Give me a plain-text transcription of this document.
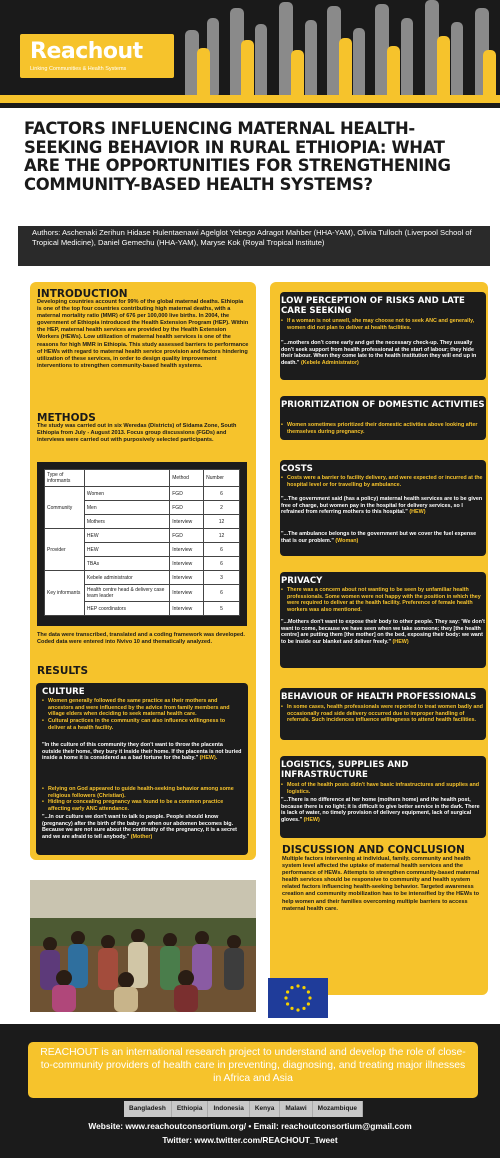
Reachout
Linking Communities & Health Systems
FACTORS INFLUENCING MATERNAL HEALTH-SEEKING BEHAVIOR IN RURAL ETHIOPIA: WHAT ARE THE OPPORTUNITIES FOR STRENGTHENING COMMUNITY-BASED HEALTH SYSTEMS?
Authors: Aschenaki Zerihun Hidase Hulentaenawi Agelglot Yebego Adragot Mahber (HHA-YAM), Olivia Tulloch (Liverpool School of Tropical Medicine), Daniel Gemechu (HHA-YAM), Maryse Kok (Royal Tropical Institute)
INTRODUCTION

Developing countries account for 99% of the global maternal deaths. Ethiopia is one of the top four countries contributing high maternal deaths, with a maternal mortality ratio (MMR) of 676 per 100,000 live births. In 2004, the government of Ethiopia introduced the Health Extension Program (HEP). Within the HEP, maternal health services are provided by the Health Extension Workers (HEWs). Low utilization of maternal health services is one of the reasons for high MMR in Ethiopia. This study assessed barriers to performance of HEWs with regard to maternal health service provision and factors hindering utilization of these services, in order to design quality improvement interventions to strengthen community-based health systems.

METHODS

The study was carried out in six Weredas (Districts) of Sidama Zone, South Ethiopia from July - August 2013. Focus group discussions (FGDs) and interviews were carried out with purposively selected participants.

Type of informants		Method	Number
Community	Women	FGD	6
	Men	FGD	2
	Mothers	Interview	12
Provider	HEW	FGD	12
	HEW	Interview	6
	TBAs	Interview	6
Key informants	Kebele administrator	Interview	3
	Health centre head & delivery case team leader	Interview	6
	HEP coordinators	Interview	5

The data were transcribed, translated and a coding framework was developed. Coded data were entered into Nvivo 10 and thematically analyzed.

RESULTS
CULTURE
• Women generally followed the same practice as their mothers and ancestors and were influenced by the advice from family members and village elders when deciding to seek maternal health care.
• Cultural practices in the community can also influence willingness to deliver at a health facility.

"In the culture of this community they don't want to throw the placenta outside their home, they bury it inside their home. If the placenta is not buried inside a home it is considered as a bad fortune for the baby." (HEW).

• Relying on God appeared to guide health-seeking behavior among some religious followers (Christian).
• Hiding or concealing pregnancy was found to be a common practice affecting early ANC attendance.

"...In our culture we don't want to talk to people. People should know (pregnancy) after the birth of the baby or when our abdomen becomes big. Because we are not sure about the continuity of the pregnancy, it is a secret and we are afraid to tell anybody." (Mother)

LOW PERCEPTION OF RISKS AND LATE CARE SEEKING
• If a woman is not unwell, she may choose not to seek ANC and generally, women did not plan to deliver at health facilities.

"...mothers don't come early and get the necessary check-up. They usually don't seek support from health professional at the start of labour; they hide their labour. When they come late to the health institution they will end up in death." (Kebele Administrator)

PRIORITIZATION OF DOMESTIC ACTIVITIES
• Women sometimes prioritized their domestic activities above looking after themselves during pregnancy.
COSTS
• Costs were a barrier to facility delivery, and were expected or incurred at the hospital level or for travelling by ambulance.

"...The government said (has a policy) maternal health services are to be given free of charge, but women pay in the hospital for delivery services, so I refrained from referring mothers to this hospital." (HEW)

"...The ambulance belongs to the government but we cover the fuel expense that is our problem." (Woman)

PRIVACY
• There was a concern about not wanting to be seen by unfamiliar health professionals. Some women were not happy with the position in which they were required to deliver at the health facility. Preference of female health workers was also mentioned.

"...Mothers don't want to expose their body to other people. They say: 'We don't want to come, because we have seen when we take someone; they [the health centre] are putting them [the mother] on the bed, exposing their body: we want to be inside our blanket and deliver freely." (HEW)

BEHAVIOUR OF HEALTH PROFESSIONALS
• In some cases, health professionals were reported to treat women badly and occasionally road side delivery occurred due to improper handling of referrals. Such incidences influence willingness to attend health facilities.
LOGISTICS, SUPPLIES AND INFRASTRUCTURE
• Most of the health posts didn't have basic infrastructures and supplies and logistics.

"...There is no difference at her home (mothers home) and the health post, because there is no light; it is difficult to give better service in the dark. There is lack of water, no timely provision of delivery equipment, lack of surgical gloves." (HEW)

DISCUSSION AND CONCLUSION

Multiple factors intervening at individual, family, community and health system level affected the uptake of maternal health services and the performance of HEWs. Attempts to strengthen community-based maternal health services should be responsive to community and health system related factors influencing health-seeking behavior. Targeted awareness creation and community mobilization has to be intensified by the HEWs to help women and their families overcoming multiple barriers to access maternal health care.

REACHOUT is an international research project to understand and develop the role of close-to-community providers of health care in preventing, diagnosing, and treating major illnesses in Africa and Asia
Bangladesh	Ethiopia	Indonesia	Kenya	Malawi	Mozambique
Website: www.reachoutconsortium.org/ • Email: reachoutconsortium@gmail.com
Twitter: www.twitter.com/REACHOUT_Tweet
